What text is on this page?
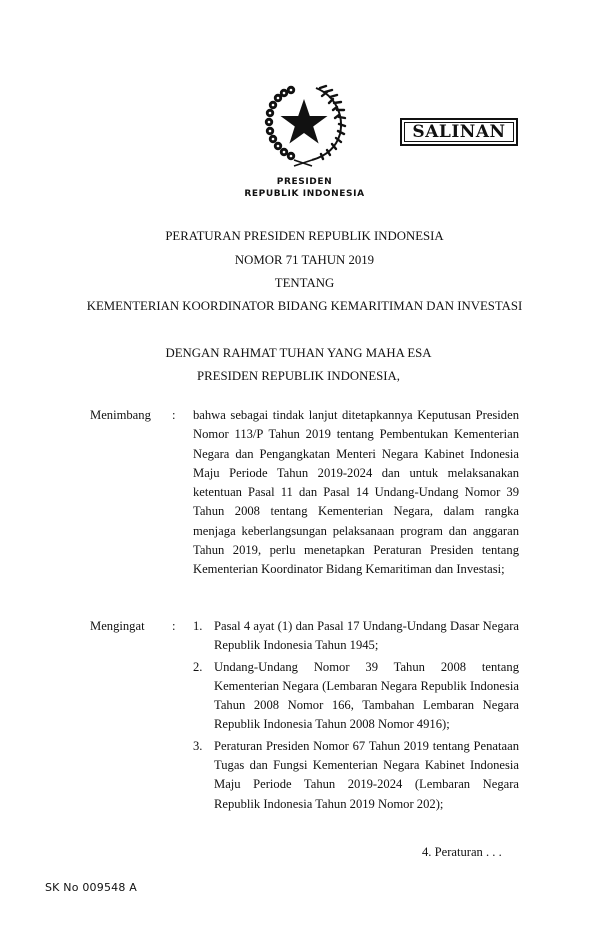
SALINAN
PRESIDEN
REPUBLIK INDONESIA
PERATURAN PRESIDEN REPUBLIK INDONESIA
NOMOR 71 TAHUN 2019
TENTANG
KEMENTERIAN KOORDINATOR BIDANG KEMARITIMAN DAN INVESTASI
DENGAN RAHMAT TUHAN YANG MAHA ESA
PRESIDEN REPUBLIK INDONESIA,
Menimbang : bahwa sebagai tindak lanjut ditetapkannya Keputusan Presiden Nomor 113/P Tahun 2019 tentang Pembentukan Kementerian Negara dan Pengangkatan Menteri Negara Kabinet Indonesia Maju Periode Tahun 2019-2024 dan untuk melaksanakan ketentuan Pasal 11 dan Pasal 14 Undang-Undang Nomor 39 Tahun 2008 tentang Kementerian Negara, dalam rangka menjaga keberlangsungan pelaksanaan program dan anggaran Tahun 2019, perlu menetapkan Peraturan Presiden tentang Kementerian Koordinator Bidang Kemaritiman dan Investasi;
Mengingat : 1. Pasal 4 ayat (1) dan Pasal 17 Undang-Undang Dasar Negara Republik Indonesia Tahun 1945;
2. Undang-Undang Nomor 39 Tahun 2008 tentang Kementerian Negara (Lembaran Negara Republik Indonesia Tahun 2008 Nomor 166, Tambahan Lembaran Negara Republik Indonesia Tahun 2008 Nomor 4916);
3. Peraturan Presiden Nomor 67 Tahun 2019 tentang Penataan Tugas dan Fungsi Kementerian Negara Kabinet Indonesia Maju Periode Tahun 2019-2024 (Lembaran Negara Republik Indonesia Tahun 2019 Nomor 202);
4. Peraturan . . .
SK No 009548 A
